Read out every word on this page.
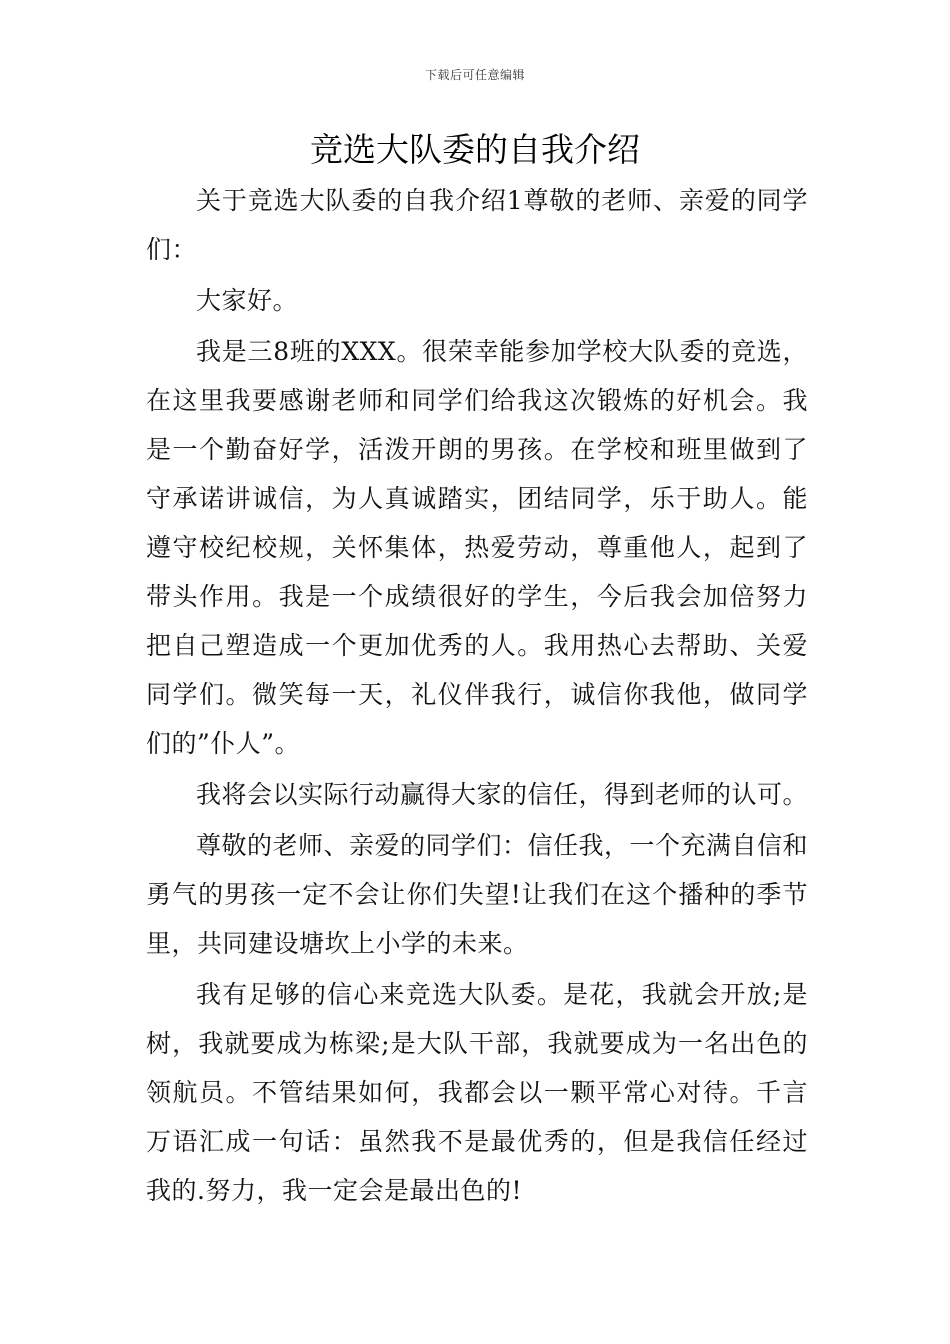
下载后可任意编辑
竞选大队委的自我介绍

关于竞选大队委的自我介绍1尊敬的老师、亲爱的同学们：

大家好。

我是三8班的XXX。很荣幸能参加学校大队委的竞选，在这里我要感谢老师和同学们给我这次锻炼的好机会。我是一个勤奋好学，活泼开朗的男孩。在学校和班里做到了守承诺讲诚信，为人真诚踏实，团结同学，乐于助人。能遵守校纪校规，关怀集体，热爱劳动，尊重他人，起到了带头作用。我是一个成绩很好的学生，今后我会加倍努力把自己塑造成一个更加优秀的人。我用热心去帮助、关爱同学们。微笑每一天，礼仪伴我行，诚信你我他，做同学们的”仆人”。

我将会以实际行动赢得大家的信任，得到老师的认可。

尊敬的老师、亲爱的同学们：信任我，一个充满自信和勇气的男孩一定不会让你们失望!让我们在这个播种的季节里，共同建设塘坎上小学的未来。

我有足够的信心来竞选大队委。是花，我就会开放;是树，我就要成为栋梁;是大队干部，我就要成为一名出色的领航员。不管结果如何，我都会以一颗平常心对待。千言万语汇成一句话：虽然我不是最优秀的，但是我信任经过我的.努力，我一定会是最出色的!
